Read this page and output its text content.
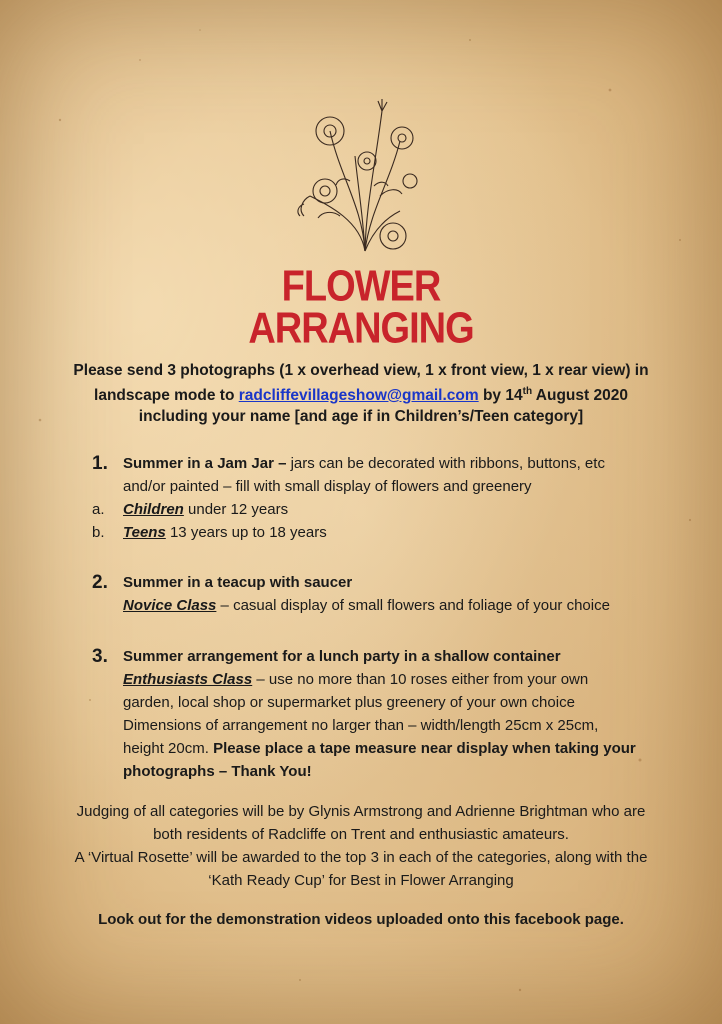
FLOWER
ARRANGING
Please send 3 photographs (1 x overhead view, 1 x front view, 1 x rear view) in
landscape mode to radcliffevillageshow@gmail.com by 14th August 2020
including your name [and age if in Children’s/Teen category]
1. Summer in a Jam Jar – jars can be decorated with ribbons, buttons, etc
and/or painted – fill with small display of flowers and greenery
a. Children under 12 years
b. Teens 13 years up to 18 years
2. Summer in a teacup with saucer
Novice Class – casual display of small flowers and foliage of your choice
3. Summer arrangement for a lunch party in a shallow container
Enthusiasts Class – use no more than 10 roses either from your own
garden, local shop or supermarket plus greenery of your own choice
Dimensions of arrangement no larger than – width/length 25cm x 25cm,
height 20cm. Please place a tape measure near display when taking your
photographs – Thank You!
Judging of all categories will be by Glynis Armstrong and Adrienne Brightman who are
both residents of Radcliffe on Trent and enthusiastic amateurs.
A ‘Virtual Rosette’ will be awarded to the top 3 in each of the categories, along with the
‘Kath Ready Cup’ for Best in Flower Arranging
Look out for the demonstration videos uploaded onto this facebook page.
